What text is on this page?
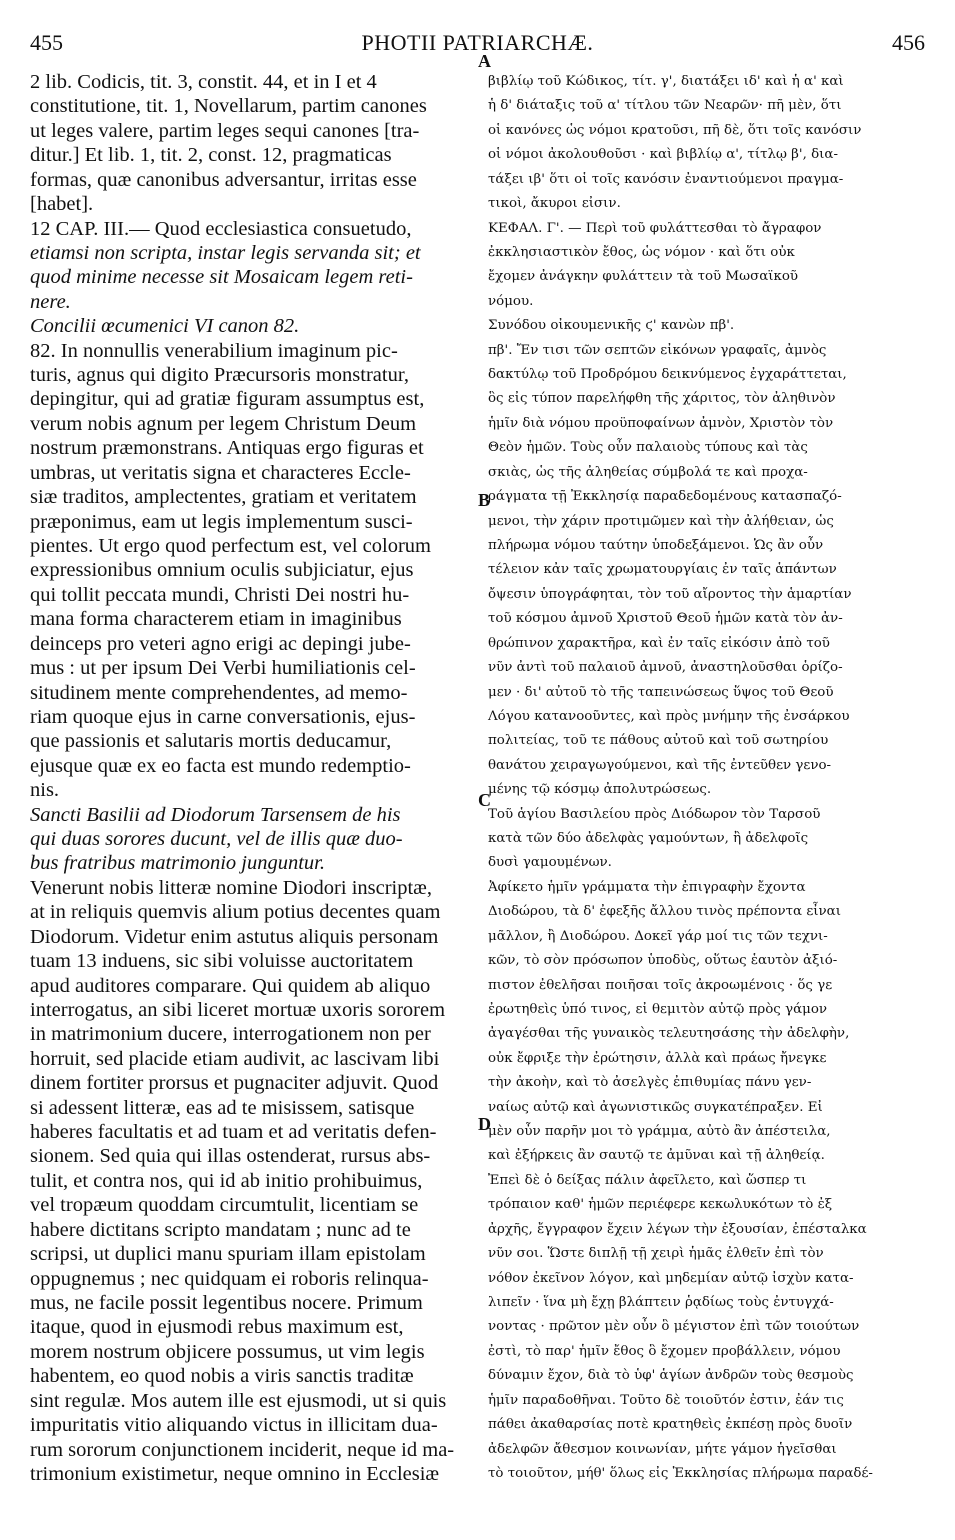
455	PHOTII PATRIARCHÆ.	456
2 lib. Codicis, tit. 3, constit. 44, et in I et 4
constitutione, tit. 1, Novellarum, partim canones
ut leges valere, partim leges sequi canones [tra-
ditur.] Et lib. 1, tit. 2, const. 12, pragmaticas
formas, quæ canonibus adversantur, irritas esse
[habet].
12 CAP. III.— Quod ecclesiastica consuetudo,
etiamsi non scripta, instar legis servanda sit; et
quod minime necesse sit Mosaicam legem reti-
nere.
Concilii œcumenici VI canon 82.
82. In nonnullis venerabilium imaginum pic-
turis, agnus qui digito Præcursoris monstratur,
depingitur, qui ad gratiæ figuram assumptus est,
verum nobis agnum per legem Christum Deum
nostrum præmonstrans. Antiquas ergo figuras et
umbras, ut veritatis signa et characteres Eccle-
siæ traditos, amplectentes, gratiam et veritatem
præponimus, eam ut legis implementum susci-
pientes. Ut ergo quod perfectum est, vel colorum
expressionibus omnium oculis subjiciatur, ejus
qui tollit peccata mundi, Christi Dei nostri hu-
mana forma characterem etiam in imaginibus
deinceps pro veteri agno erigi ac depingi jube-
mus : ut per ipsum Dei Verbi humiliationis cel-
situdinem mente comprehendentes, ad memo-
riam quoque ejus in carne conversationis, ejus-
que passionis et salutaris mortis deducamur,
ejusque quæ ex eo facta est mundo redemptio-
nis.
Sancti Basilii ad Diodorum Tarsensem de his
qui duas sorores ducunt, vel de illis quæ duo-
bus fratribus matrimonio junguntur.
Venerunt nobis litteræ nomine Diodori inscriptæ,
at in reliquis quemvis alium potius decentes quam
Diodorum. Videtur enim astutus aliquis personam
tuam 13 induens, sic sibi voluisse auctoritatem
apud auditores comparare. Qui quidem ab aliquo
interrogatus, an sibi liceret mortuæ uxoris sororem
in matrimonium ducere, interrogationem non per
horruit, sed placide etiam audivit, ac lascivam libi
dinem fortiter prorsus et pugnaciter adjuvit. Quod
si adessent litteræ, eas ad te misissem, satisque
haberes facultatis et ad tuam et ad veritatis defen-
sionem. Sed quia qui illas ostenderat, rursus abs-
tulit, et contra nos, qui id ab initio prohibuimus,
vel tropæum quoddam circumtulit, licentiam se
habere dictitans scripto mandatam ; nunc ad te
scripsi, ut duplici manu spuriam illam epistolam
oppugnemus ; nec quidquam ei roboris relinqua-
mus, ne facile possit legentibus nocere. Primum
itaque, quod in ejusmodi rebus maximum est,
morem nostrum objicere possumus, ut vim legis
habentem, eo quod nobis a viris sanctis traditæ
sint regulæ. Mos autem ille est ejusmodi, ut si quis
impuritatis vitio aliquando victus in illicitam dua-
rum sororum conjunctionem inciderit, neque id ma-
trimonium existimetur, neque omnino in Ecclesiæ
βιβλίῳ τοῦ Κώδικος, τίτ. γ', διατάξει ιδ' καὶ ἡ α' καὶ
ἡ δ' διάταξις τοῦ α' τίτλου τῶν Νεαρῶν· πῆ μὲν, ὅτι
οἱ κανόνες ὡς νόμοι κρατοῦσι, πῆ δὲ, ὅτι τοῖς κανόσιν
οἱ νόμοι ἀκολουθοῦσι · καὶ βιβλίῳ α', τίτλῳ β', δια-
τάξει ιβ' ὅτι οἱ τοῖς κανόσιν ἐναντιούμενοι πραγμα-
τικοὶ, ἄκυροι εἰσιν.
ΚΕΦΑΛ. Γ'. — Περὶ τοῦ φυλάττεσθαι τὸ ἄγραφον
ἐκκλησιαστικὸν ἔθος, ὡς νόμον · καὶ ὅτι οὐκ
ἔχομεν ἀνάγκην φυλάττειν τὰ τοῦ Μωσαϊκοῦ
νόμου.
Συνόδου οἰκουμενικῆς ϛ' κανὼν πβ'.
πβ'. Ἔν τισι τῶν σεπτῶν εἰκόνων γραφαῖς, ἀμνὸς
δακτύλῳ τοῦ Προδρόμου δεικνύμενος ἐγχαράττεται,
ὃς εἰς τύπον παρελήφθη τῆς χάριτος, τὸν ἀληθινὸν
ἡμῖν διὰ νόμου προϋποφαίνων ἀμνὸν, Χριστὸν τὸν
Θεὸν ἡμῶν. Τοὺς οὖν παλαιοὺς τύπους καὶ τὰς
σκιὰς, ὡς τῆς ἀληθείας σύμβολά τε καὶ προχα-
ράγματα τῇ Ἐκκλησίᾳ παραδεδομένους κατασπαζό-
μενοι, τὴν χάριν προτιμῶμεν καὶ τὴν ἀλήθειαν, ὡς
πλήρωμα νόμου ταύτην ὑποδεξάμενοι. Ὡς ἂν οὖν
τέλειον κἀν ταῖς χρωματουργίαις ἐν ταῖς ἁπάντων
ὄψεσιν ὑπογράφηται, τὸν τοῦ αἴροντος τὴν ἁμαρτίαν
τοῦ κόσμου ἀμνοῦ Χριστοῦ Θεοῦ ἡμῶν κατὰ τὸν ἀν-
θρώπινον χαρακτῆρα, καὶ ἐν ταῖς εἰκόσιν ἀπὸ τοῦ
νῦν ἀντὶ τοῦ παλαιοῦ ἀμνοῦ, ἀναστηλοῦσθαι ὁρίζο-
μεν · δι' αὐτοῦ τὸ τῆς ταπεινώσεως ὕψος τοῦ Θεοῦ
Λόγου κατανοοῦντες, καὶ πρὸς μνήμην τῆς ἐνσάρκου
πολιτείας, τοῦ τε πάθους αὐτοῦ καὶ τοῦ σωτηρίου
θανάτου χειραγωγούμενοι, καὶ τῆς ἐντεῦθεν γενο-
μένης τῷ κόσμῳ ἀπολυτρώσεως.
Τοῦ ἁγίου Βασιλείου πρὸς Διόδωρον τὸν Ταρσοῦ
κατὰ τῶν δύο ἀδελφὰς γαμούντων, ἢ ἀδελφοῖς
δυσὶ γαμουμένων.
Ἀφίκετο ἡμῖν γράμματα τὴν ἐπιγραφὴν ἔχοντα
Διοδώρου, τὰ δ' ἐφεξῆς ἄλλου τινὸς πρέποντα εἶναι
μᾶλλον, ἢ Διοδώρου. Δοκεῖ γάρ μοί τις τῶν τεχνι-
κῶν, τὸ σὸν πρόσωπον ὑποδὺς, οὕτως ἑαυτὸν ἀξιό-
πιστον ἐθελῆσαι ποιῆσαι τοῖς ἀκροωμένοις · ὅς γε
ἐρωτηθεὶς ὑπό τινος, εἰ θεμιτὸν αὐτῷ πρὸς γάμον
ἀγαγέσθαι τῆς γυναικὸς τελευτησάσης τὴν ἀδελφὴν,
οὐκ ἔφριξε τὴν ἐρώτησιν, ἀλλὰ καὶ πράως ἤνεγκε
τὴν ἀκοὴν, καὶ τὸ ἀσελγὲς ἐπιθυμίας πάνυ γεν-
ναίως αὐτῷ καὶ ἀγωνιστικῶς συγκατέπραξεν. Εἰ
μὲν οὖν παρῆν μοι τὸ γράμμα, αὐτὸ ἂν ἀπέστειλα,
καὶ ἐξήρκεις ἂν σαυτῷ τε ἀμῦναι καὶ τῇ ἀληθείᾳ.
Ἐπεὶ δὲ ὁ δείξας πάλιν ἀφεῖλετο, καὶ ὥσπερ τι
τρόπαιον καθ' ἡμῶν περιέφερε κεκωλυκότων τὸ ἐξ
ἀρχῆς, ἔγγραφον ἔχειν λέγων τὴν ἐξουσίαν, ἐπέσταλκα
νῦν σοι. Ὥστε διπλῇ τῇ χειρὶ ἡμᾶς ἐλθεῖν ἐπὶ τὸν
νόθον ἐκεῖνον λόγον, καὶ μηδεμίαν αὐτῷ ἰσχὺν κατα-
λιπεῖν · ἵνα μὴ ἔχῃ βλάπτειν ῥᾳδίως τοὺς ἐντυγχά-
νοντας · πρῶτον μὲν οὖν ὃ μέγιστον ἐπὶ τῶν τοιούτων
ἐστὶ, τὸ παρ' ἡμῖν ἔθος ὃ ἔχομεν προβάλλειν, νόμου
δύναμιν ἔχον, διὰ τὸ ὑφ' ἁγίων ἀνδρῶν τοὺς θεσμοὺς
ἡμῖν παραδοθῆναι. Τοῦτο δὲ τοιοῦτόν ἐστιν, ἐάν τις
πάθει ἀκαθαρσίας ποτὲ κρατηθεὶς ἐκπέσῃ πρὸς δυοῖν
ἀδελφῶν ἄθεσμον κοινωνίαν, μήτε γάμον ἡγεῖσθαι
τὸ τοιοῦτον, μήθ' ὅλως εἰς Ἐκκλησίας πλήρωμα παραδέ-
A
B
C
D
